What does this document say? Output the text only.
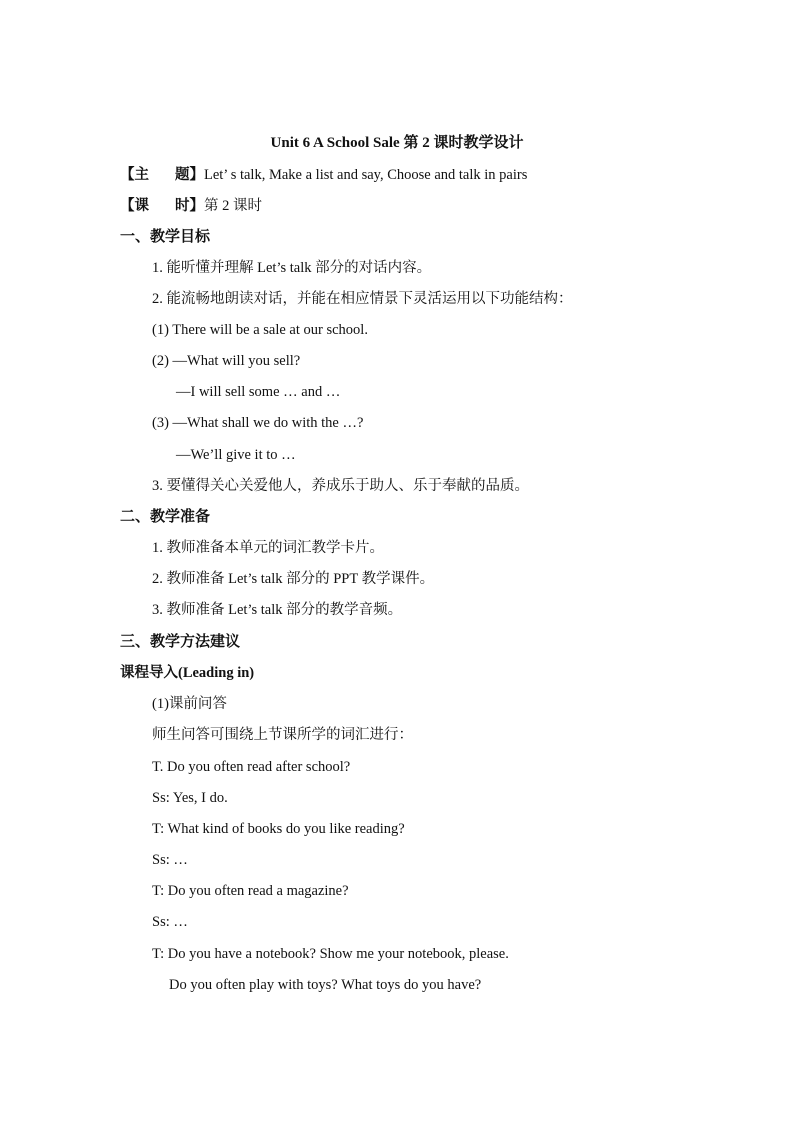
Unit 6 A School Sale 第 2 课时教学设计
【主 题】Let’ s talk, Make a list and say, Choose and talk in pairs
【课 时】第 2 课时
一、教学目标
1. 能听懂并理解 Let’s talk 部分的对话内容。
2. 能流畅地朗读对话，并能在相应情景下灵活运用以下功能结构：
(1) There will be a sale at our school.
(2) —What will you sell?
—I will sell some … and …
(3) —What shall we do with the …?
—We’ll give it to …
3. 要懂得关心关爱他人，养成乐于助人、乐于奉献的品质。
二、教学准备
1. 教师准备本单元的词汇教学卡片。
2. 教师准备 Let’s talk 部分的 PPT 教学课件。
3. 教师准备 Let’s talk 部分的教学音频。
三、教学方法建议
课程导入(Leading in)
(1)课前问答
师生问答可围绕上节课所学的词汇进行：
T. Do you often read after school?
Ss: Yes, I do.
T: What kind of books do you like reading?
Ss: …
T: Do you often read a magazine?
Ss: …
T: Do you have a notebook? Show me your notebook, please.
Do you often play with toys? What toys do you have?
